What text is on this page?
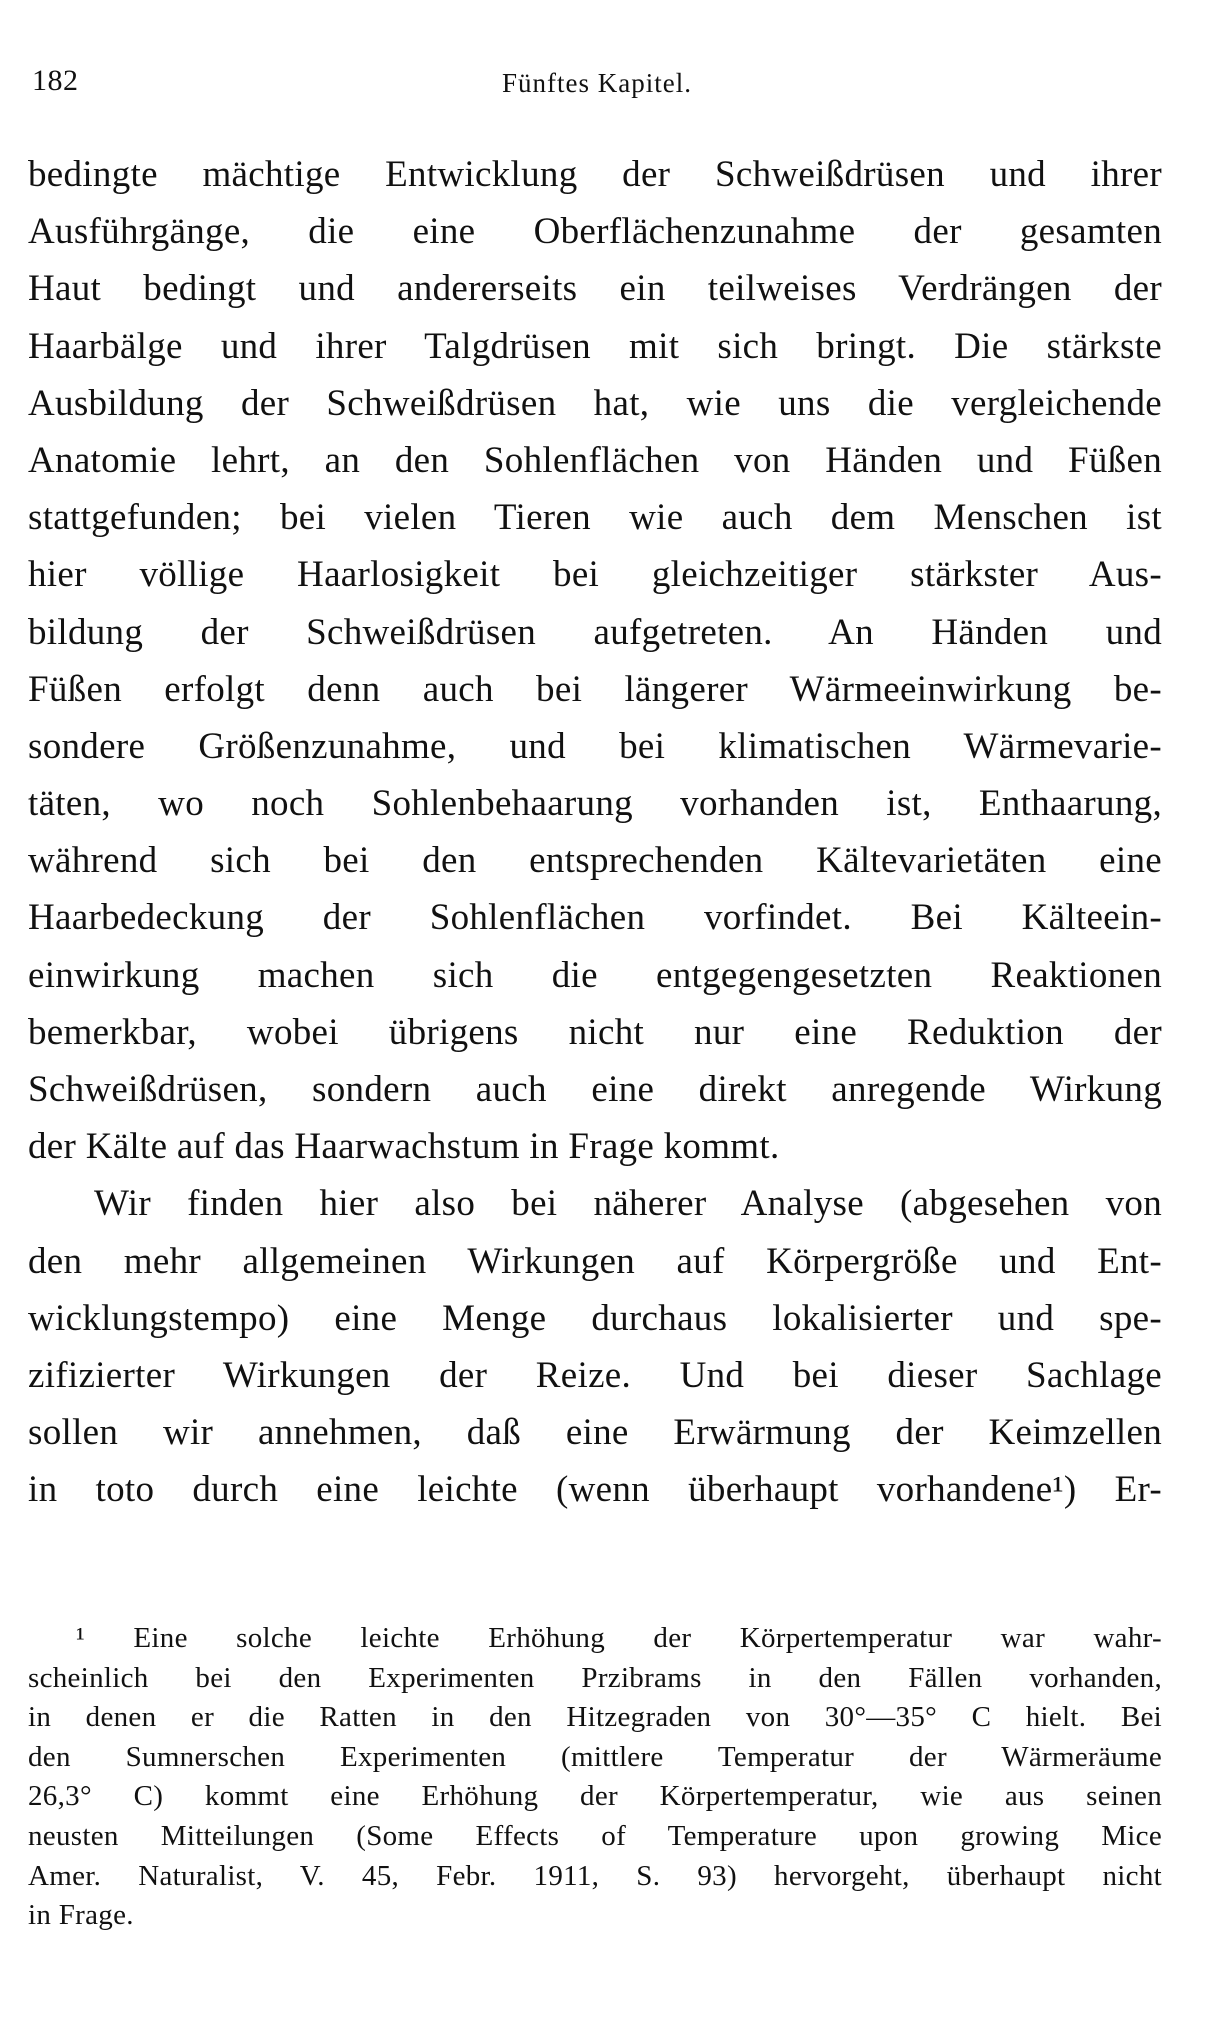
182	Fünftes Kapitel.
bedingte mächtige Entwicklung der Schweißdrüsen und ihrer
Ausführgänge, die eine Oberflächenzunahme der gesamten
Haut bedingt und andererseits ein teilweises Verdrängen der
Haarbälge und ihrer Talgdrüsen mit sich bringt. Die stärkste
Ausbildung der Schweißdrüsen hat, wie uns die vergleichende
Anatomie lehrt, an den Sohlenflächen von Händen und Füßen
stattgefunden; bei vielen Tieren wie auch dem Menschen ist
hier völlige Haarlosigkeit bei gleichzeitiger stärkster Aus-
bildung der Schweißdrüsen aufgetreten. An Händen und
Füßen erfolgt denn auch bei längerer Wärmeeinwirkung be-
sondere Größenzunahme, und bei klimatischen Wärmevarie-
täten, wo noch Sohlenbehaarung vorhanden ist, Enthaarung,
während sich bei den entsprechenden Kältevarietäten eine
Haarbedeckung der Sohlenflächen vorfindet. Bei Kälteein-
einwirkung machen sich die entgegengesetzten Reaktionen
bemerkbar, wobei übrigens nicht nur eine Reduktion der
Schweißdrüsen, sondern auch eine direkt anregende Wirkung
der Kälte auf das Haarwachstum in Frage kommt.
Wir finden hier also bei näherer Analyse (abgesehen von
den mehr allgemeinen Wirkungen auf Körpergröße und Ent-
wicklungstempo) eine Menge durchaus lokalisierter und spe-
zifizierter Wirkungen der Reize. Und bei dieser Sachlage
sollen wir annehmen, daß eine Erwärmung der Keimzellen
in toto durch eine leichte (wenn überhaupt vorhandene¹) Er-
¹ Eine solche leichte Erhöhung der Körpertemperatur war wahr-
scheinlich bei den Experimenten Przibrams in den Fällen vorhanden,
in denen er die Ratten in den Hitzegraden von 30°—35° C hielt. Bei
den Sumnerschen Experimenten (mittlere Temperatur der Wärmeräume
26,3° C) kommt eine Erhöhung der Körpertemperatur, wie aus seinen
neusten Mitteilungen (Some Effects of Temperature upon growing Mice
Amer. Naturalist, V. 45, Febr. 1911, S. 93) hervorgeht, überhaupt nicht
in Frage.
